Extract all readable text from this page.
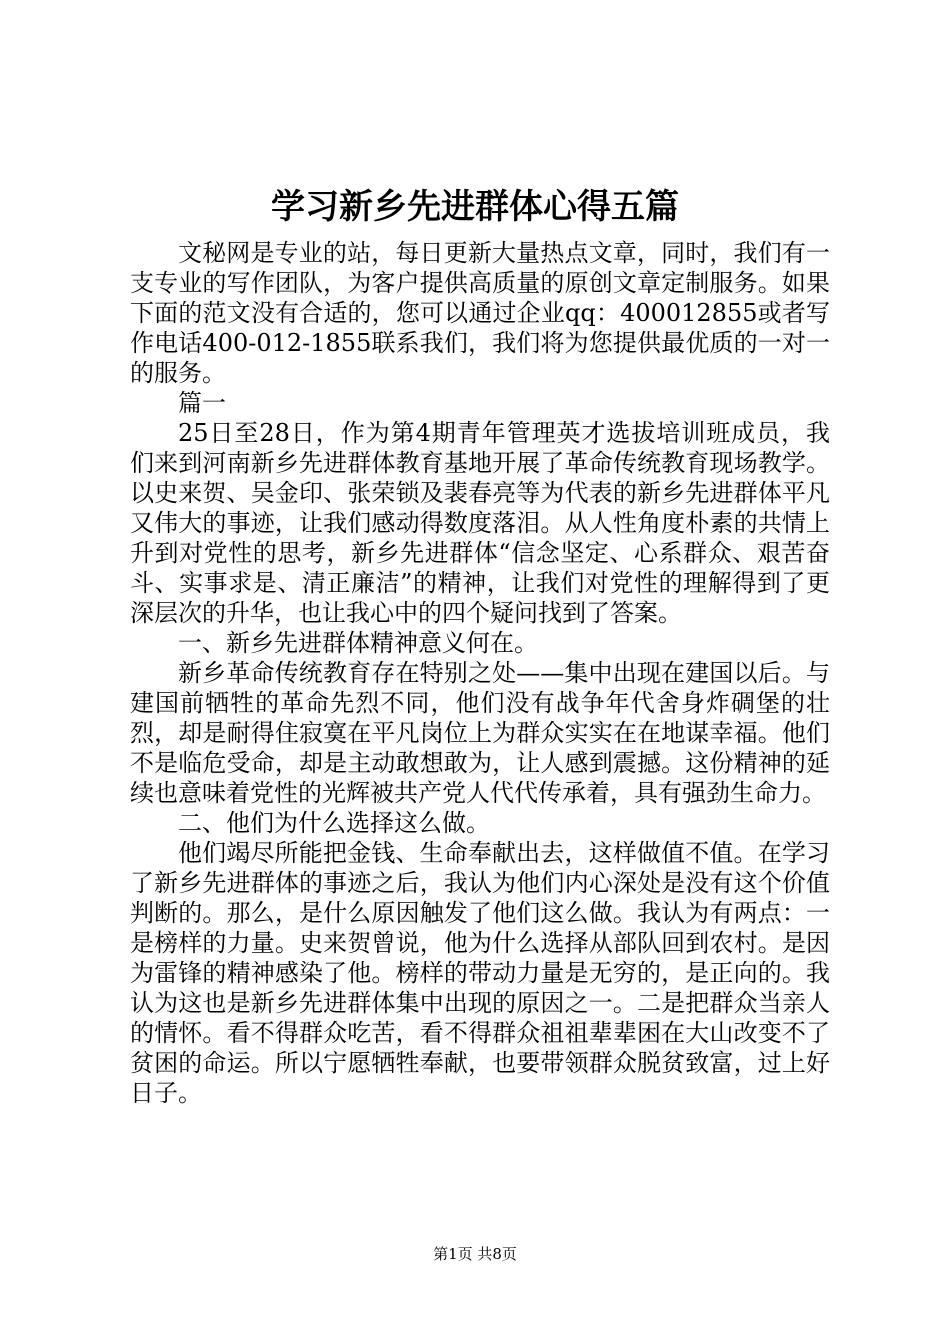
学习新乡先进群体心得五篇

文秘网是专业的站，每日更新大量热点文章，同时，我们有一支专业的写作团队，为客户提供高质量的原创文章定制服务。如果下面的范文没有合适的，您可以通过企业qq：400012855或者写作电话400-012-1855联系我们，我们将为您提供最优质的一对一的服务。

篇一

25日至28日，作为第4期青年管理英才选拔培训班成员，我们来到河南新乡先进群体教育基地开展了革命传统教育现场教学。以史来贺、吴金印、张荣锁及裴春亮等为代表的新乡先进群体平凡又伟大的事迹，让我们感动得数度落泪。从人性角度朴素的共情上升到对党性的思考，新乡先进群体“信念坚定、心系群众、艰苦奋斗、实事求是、清正廉洁”的精神，让我们对党性的理解得到了更深层次的升华，也让我心中的四个疑问找到了答案。

一、新乡先进群体精神意义何在。

新乡革命传统教育存在特别之处——集中出现在建国以后。与建国前牺牲的革命先烈不同，他们没有战争年代舍身炸碉堡的壮烈，却是耐得住寂寞在平凡岗位上为群众实实在在地谋幸福。他们不是临危受命，却是主动敢想敢为，让人感到震撼。这份精神的延续也意味着党性的光辉被共产党人代代传承着，具有强劲生命力。

二、他们为什么选择这么做。

他们竭尽所能把金钱、生命奉献出去，这样做值不值。在学习了新乡先进群体的事迹之后，我认为他们内心深处是没有这个价值判断的。那么，是什么原因触发了他们这么做。我认为有两点：一是榜样的力量。史来贺曾说，他为什么选择从部队回到农村。是因为雷锋的精神感染了他。榜样的带动力量是无穷的，是正向的。我认为这也是新乡先进群体集中出现的原因之一。二是把群众当亲人的情怀。看不得群众吃苦，看不得群众祖祖辈辈困在大山改变不了贫困的命运。所以宁愿牺牲奉献，也要带领群众脱贫致富，过上好日子。

第1页 共8页
